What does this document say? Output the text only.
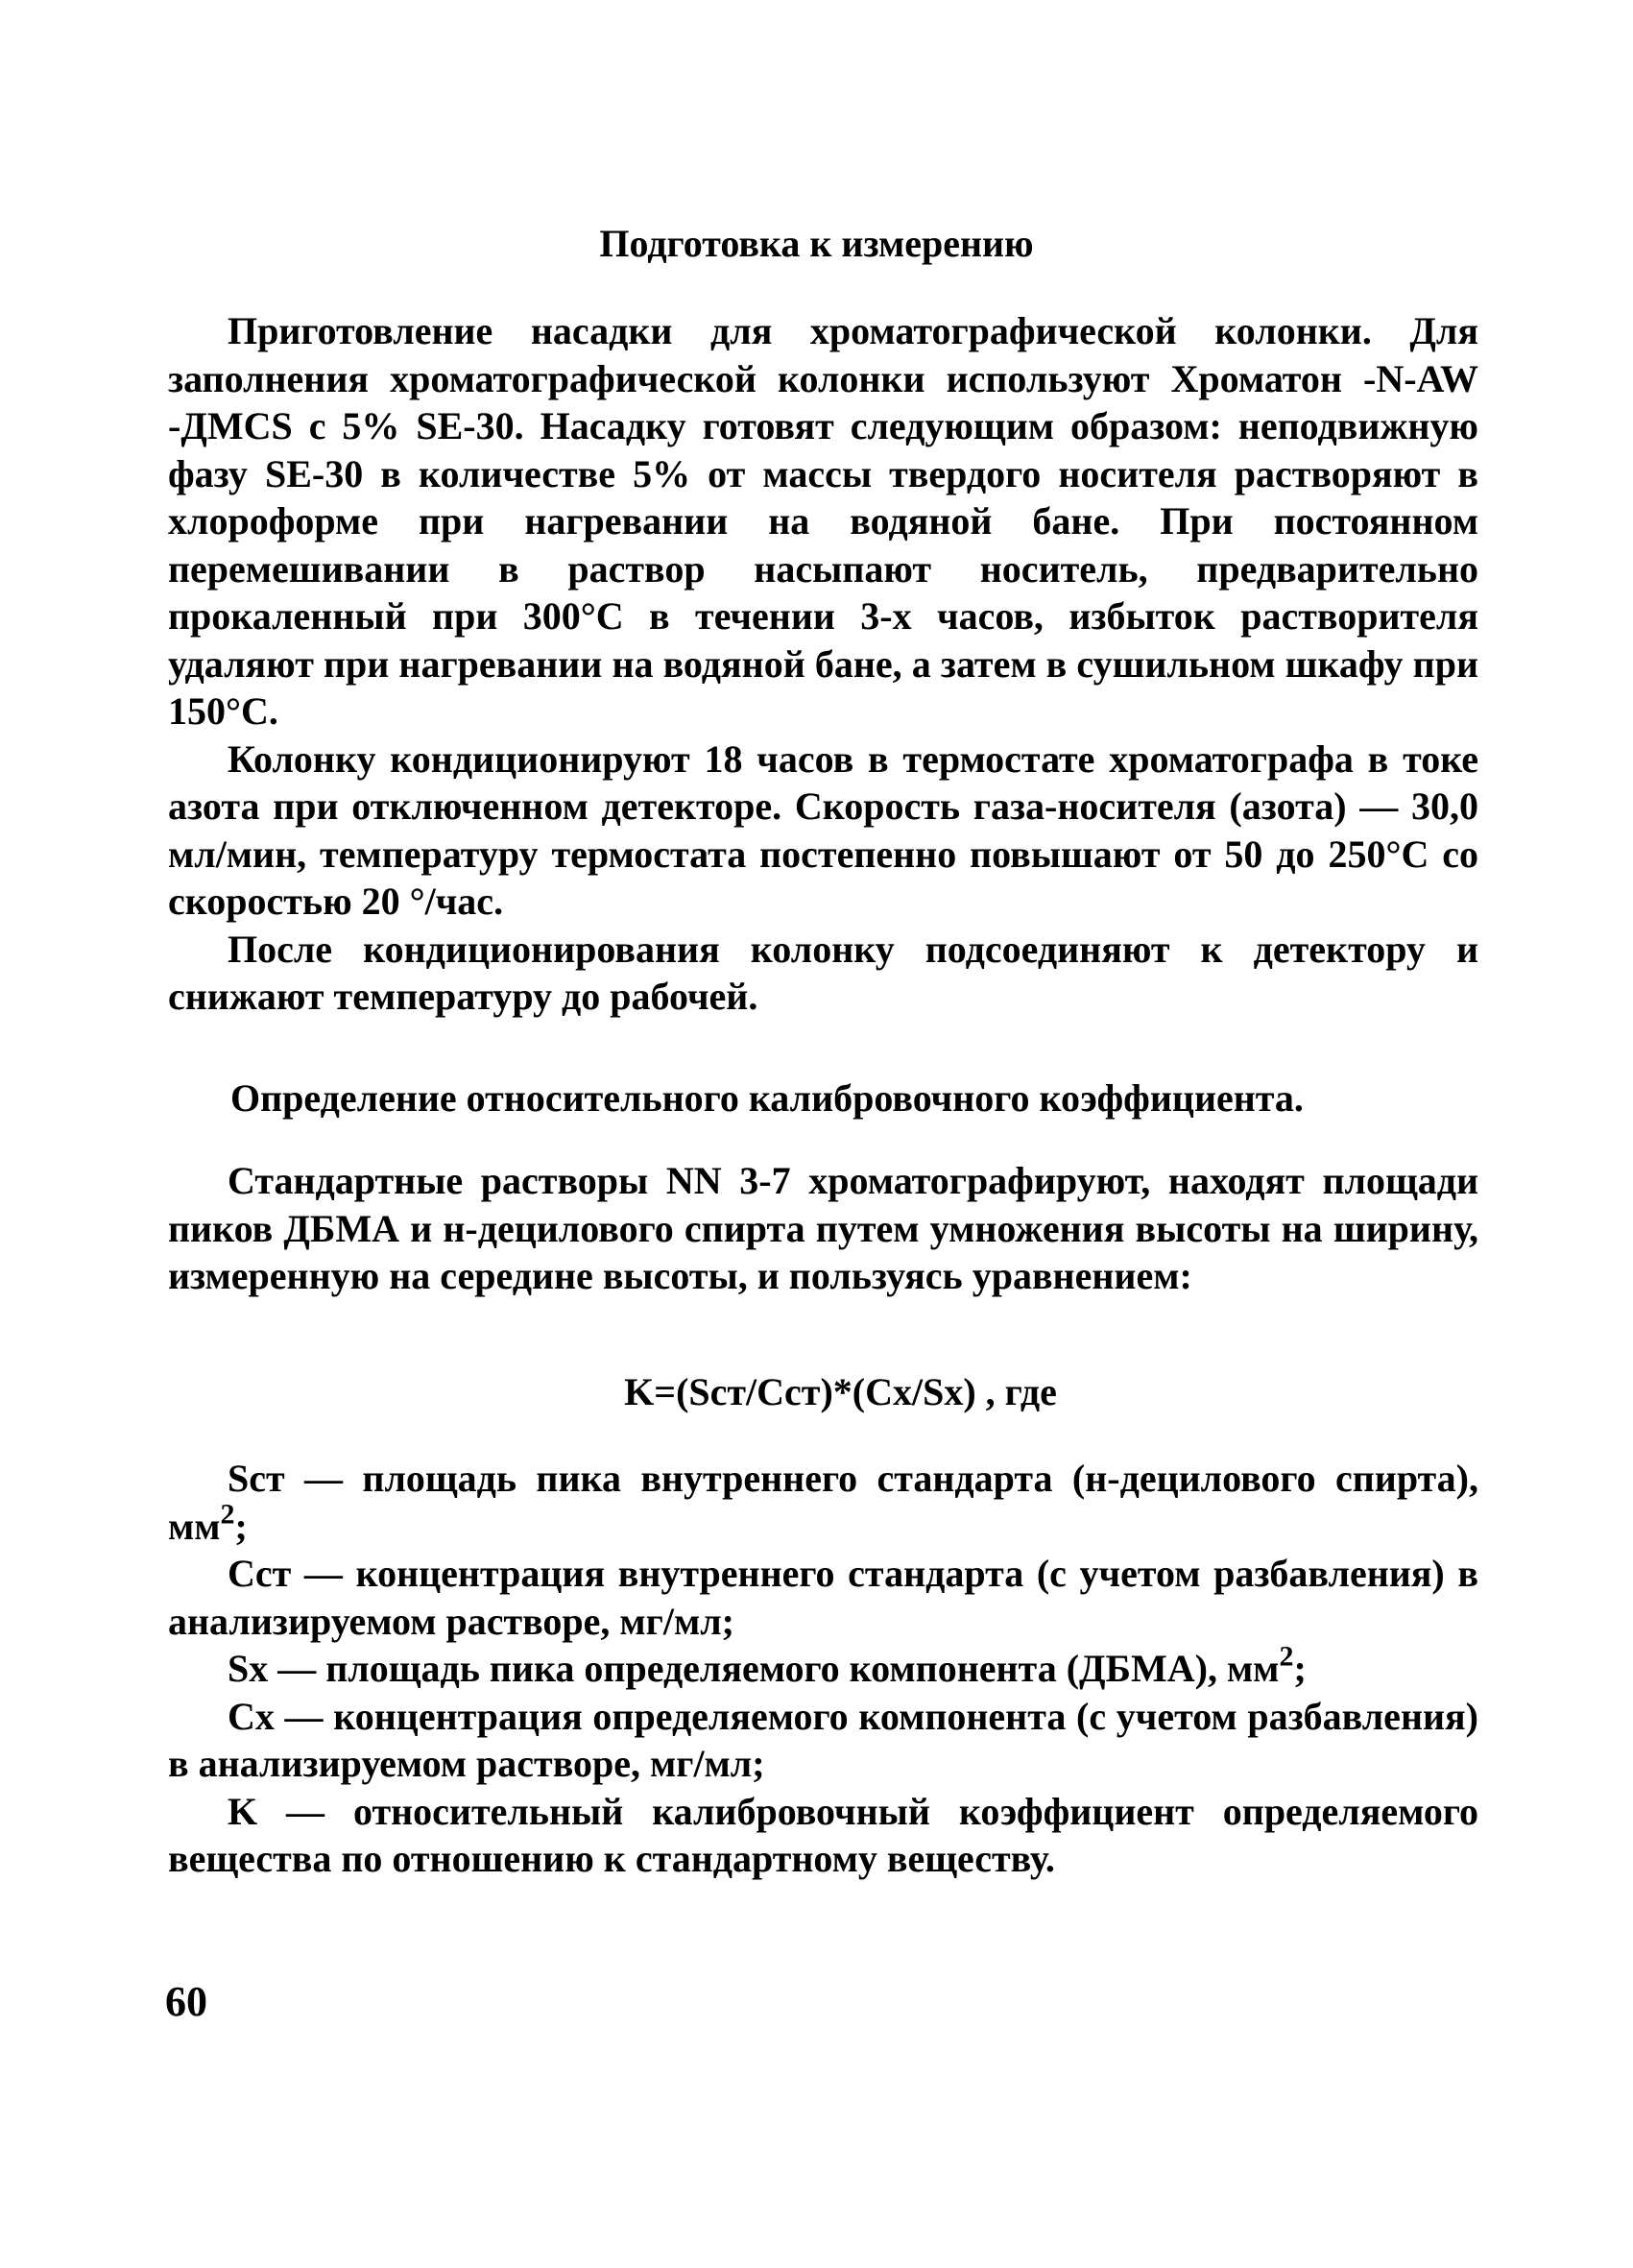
Подготовка к измерению

Приготовление насадки для хроматографической колонки. Для заполнения хроматографической колонки используют Хроматон -N-AW -ДMCS с 5% SE-30. Насадку готовят следующим образом: неподвижную фазу SE-30 в количестве 5% от массы твердого носителя растворяют в хлороформе при нагревании на водяной бане. При постоянном перемешивании в раствор насыпают носитель, предварительно прокаленный при 300°C в течении 3-х часов, избыток растворителя удаляют при нагревании на водяной бане, а затем в сушильном шкафу при 150°C.

Колонку кондиционируют 18 часов в термостате хроматографа в токе азота при отключенном детекторе. Скорость газа-носителя (азота) — 30,0 мл/мин, температуру термостата постепенно повышают от 50 до 250°C со скоростью 20 °/час.

После кондиционирования колонку подсоединяют к детектору и снижают температуру до рабочей.

Определение относительного калибровочного коэффициента.

Стандартные растворы NN 3-7 хроматографируют, находят площади пиков ДБМА и н-децилового спирта путем умножения высоты на ширину, измеренную на середине высоты, и пользуясь уравнением:

K=(Scт/Ccт)*(Cx/Sx) , где

Scт — площадь пика внутреннего стандарта (н-децилового спирта), $мм^2$;

Ccт — концентрация внутреннего стандарта (с учетом разбавления) в анализируемом растворе, мг/мл;

Sx — площадь пика определяемого компонента (ДБМА), $мм^2$;

Cx — концентрация определяемого компонента (с учетом разбавления) в анализируемом растворе, мг/мл;

K — относительный калибровочный коэффициент определяемого вещества по отношению к стандартному веществу.

60
